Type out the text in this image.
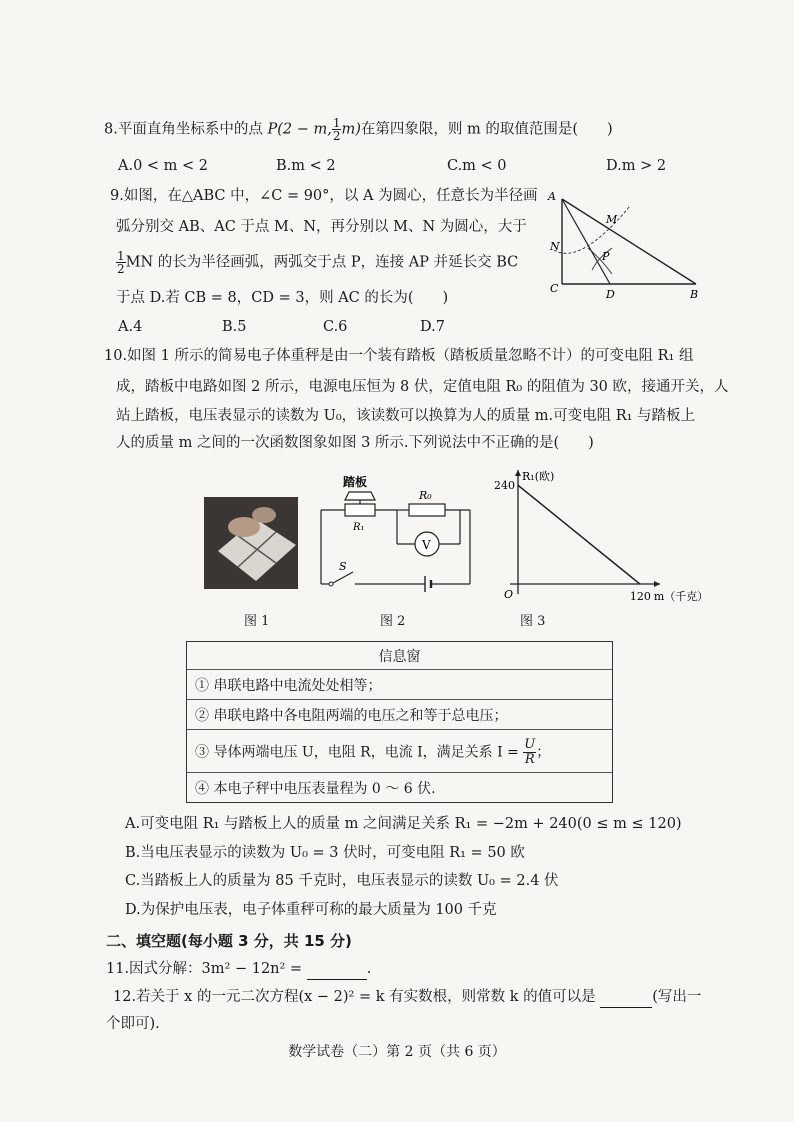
8.平面直角坐标系中的点 P(2 − m, $\frac{1}{2} m$)在第四象限，则 m 的取值范围是(　　)
A.0 < m < 2	B.m < 2	C.m < 0	D.m > 2
9.如图，在△ABC 中，∠C = 90°，以 A 为圆心，任意长为半径画
弧分别交 AB、AC 于点 M、N，再分别以 M、N 为圆心，大于
$\frac{1}{2}$ MN 的长为半径画弧，两弧交于点 P，连接 AP 并延长交 BC
于点 D.若 CB = 8，CD = 3，则 AC 的长为(　　)
A.4	B.5	C.6	D.7
A
M
N
P
C	D	B
10.如图 1 所示的简易电子体重秤是由一个装有踏板（踏板质量忽略不计）的可变电阻 R₁ 组
成，踏板中电路如图 2 所示，电源电压恒为 8 伏，定值电阻 R₀ 的阻值为 30 欧，接通开关，人
站上踏板，电压表显示的读数为 U₀，该读数可以换算为人的质量 m.可变电阻 R₁ 与踏板上
人的质量 m 之间的一次函数图象如图 3 所示.下列说法中不正确的是(　　)
图 1
V
踏板
R₀
R₁
S
图 2
R₁(欧)
240
120 m（千克）
O
图 3
信息窗
① 串联电路中电流处处相等；
② 串联电路中各电阻两端的电压之和等于总电压；
③ 导体两端电压 U，电阻 R，电流 I，满足关系 $I = \frac{U}{R}$ ；
④ 本电子秤中电压表量程为 0 ～ 6 伏.
A.可变电阻 R₁ 与踏板上人的质量 m 之间满足关系 R₁ = −2m + 240(0 ≤ m ≤ 120)
B.当电压表显示的读数为 U₀ = 3 伏时，可变电阻 R₁ = 50 欧
C.当踏板上人的质量为 85 千克时，电压表显示的读数 U₀ = 2.4 伏
D.为保护电压表，电子体重秤可称的最大质量为 100 千克
二、填空题(每小题 3 分，共 15 分)
11.因式分解：3m² − 12n² =	.
12.若关于 x 的一元二次方程(x − 2)² = k 有实数根，则常数 k 的值可以是	(写出一
个即可).
数学试卷（二）第 2 页（共 6 页）
